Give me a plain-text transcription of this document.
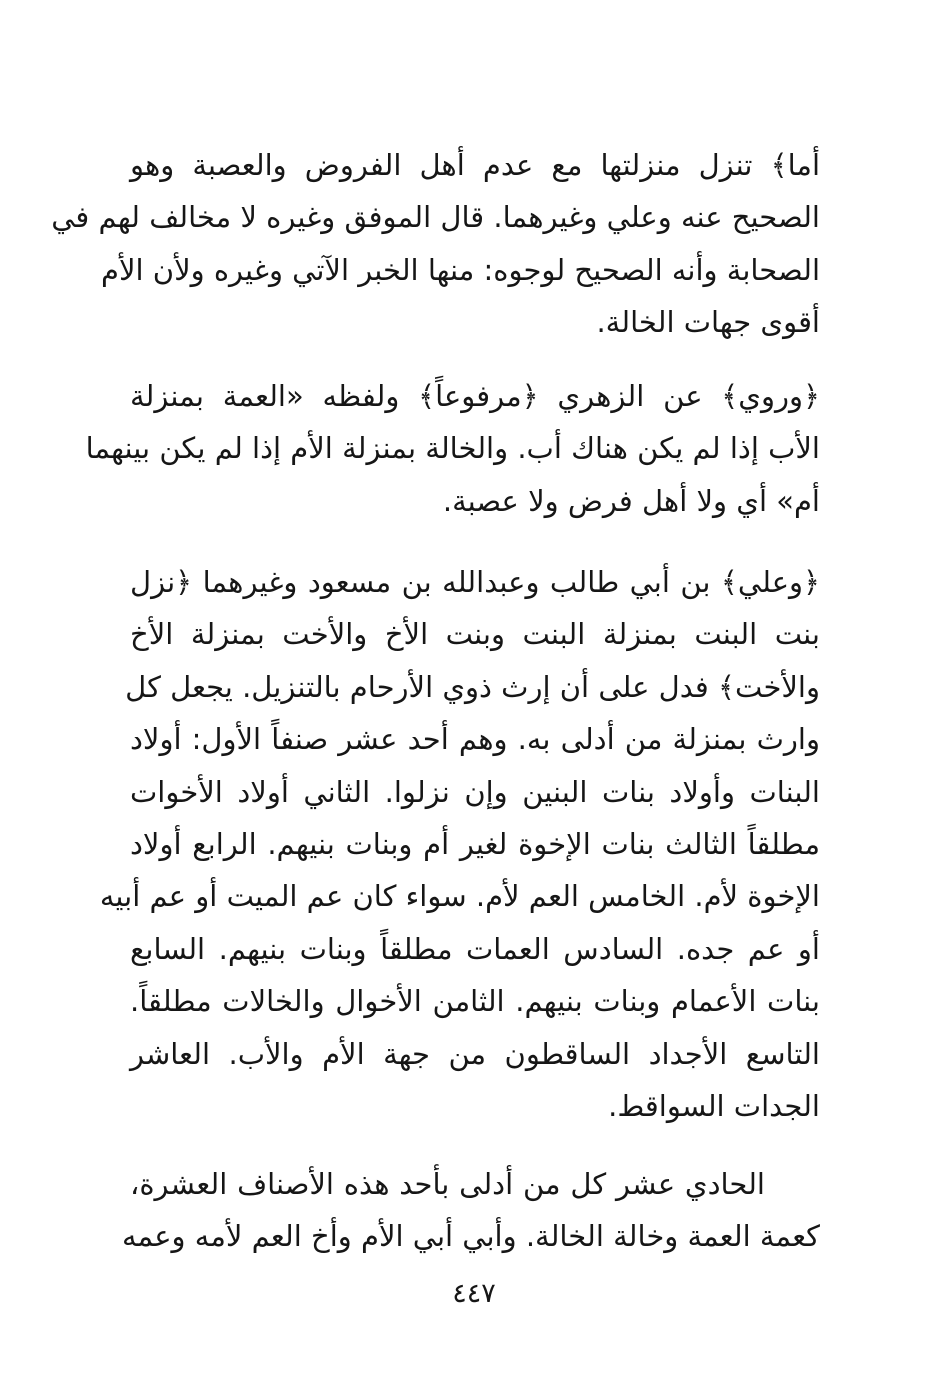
أما﴾ تنزل منزلتها مع عدم أهل الفروض والعصبة وهو
الصحيح عنه وعلي وغيرهما. قال الموفق وغيره لا مخالف لهم في
الصحابة وأنه الصحيح لوجوه: منها الخبر الآتي وغيره ولأن الأم
أقوى جهات الخالة.
﴿وروي﴾ عن الزهري ﴿مرفوعاً﴾ ولفظه «العمة بمنزلة
الأب إذا لم يكن هناك أب. والخالة بمنزلة الأم إذا لم يكن بينهما
أم» أي ولا أهل فرض ولا عصبة.
﴿وعلي﴾ بن أبي طالب وعبدالله بن مسعود وغيرهما ﴿نزل
بنت البنت بمنزلة البنت وبنت الأخ والأخت بمنزلة الأخ
والأخت﴾ فدل على أن إرث ذوي الأرحام بالتنزيل. يجعل كل
وارث بمنزلة من أدلى به. وهم أحد عشر صنفاً الأول: أولاد
البنات وأولاد بنات البنين وإن نزلوا. الثاني أولاد الأخوات
مطلقاً الثالث بنات الإخوة لغير أم وبنات بنيهم. الرابع أولاد
الإخوة لأم. الخامس العم لأم. سواء كان عم الميت أو عم أبيه
أو عم جده. السادس العمات مطلقاً وبنات بنيهم. السابع
بنات الأعمام وبنات بنيهم. الثامن الأخوال والخالات مطلقاً.
التاسع الأجداد الساقطون من جهة الأم والأب. العاشر
الجدات السواقط.
الحادي عشر كل من أدلى بأحد هذه الأصناف العشرة،
كعمة العمة وخالة الخالة. وأبي أبي الأم وأخ العم لأمه وعمه
٤٤٧
